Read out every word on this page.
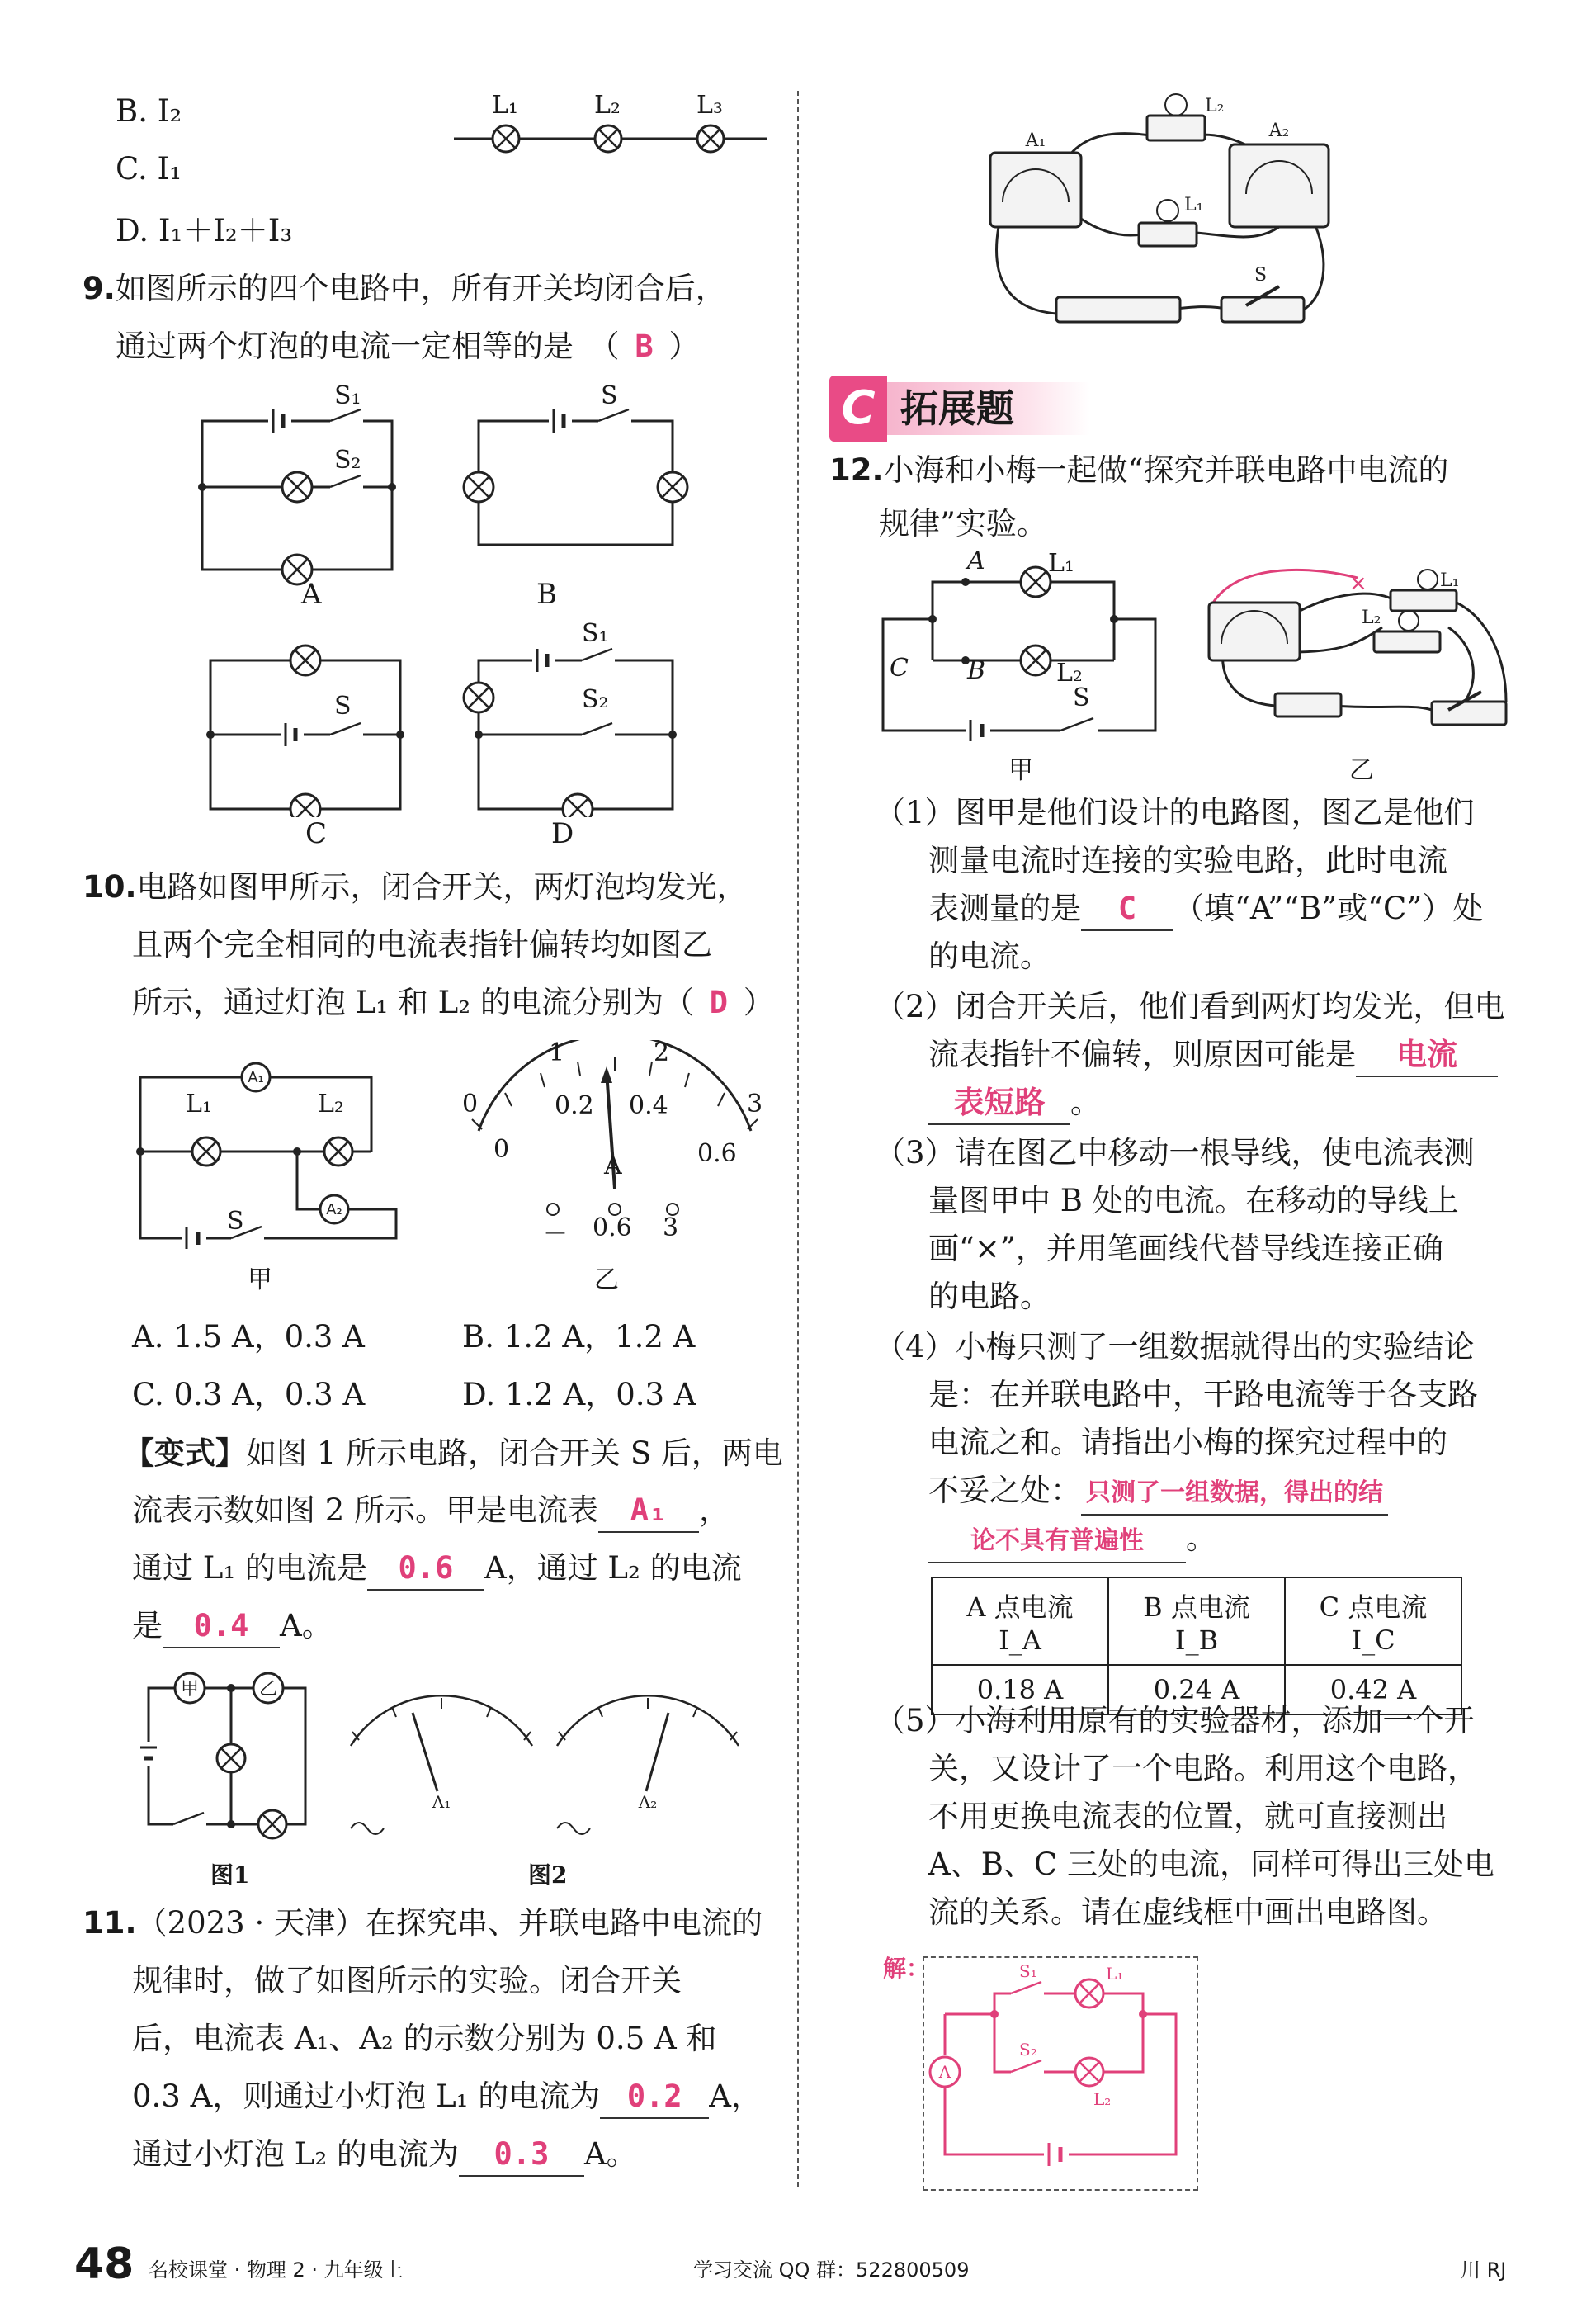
B. I₂
C. I₁
D. I₁＋I₂＋I₃
L₁	L₂	L₃
9.如图所示的四个电路中，所有开关均闭合后，
通过两个灯泡的电流一定相等的是　（ B ）
S₁
S₂
S
S
S₁
S₂
A	B
C	D
10.电路如图甲所示，闭合开关，两灯泡均发光，
且两个完全相同的电流表指针偏转均如图乙
所示，通过灯泡 L₁ 和 L₂ 的电流分别为（ D ）
A₁
A₂
L₁	L₂
S
甲
0
1	2
3
0
0.2 0.4
0.6
A
－ 0.6 3
乙
A. 1.5 A，0.3 A	B. 1.2 A，1.2 A
C. 0.3 A，0.3 A	D. 1.2 A，0.3 A
【变式】如图 1 所示电路，闭合开关 S 后，两电
流表示数如图 2 所示。甲是电流表 A₁ ，
通过 L₁ 的电流是 0.6 A，通过 L₂ 的电流
是 0.4 A。
甲	乙
图1
A₁	A₂
图2
11.（2023 · 天津）在探究串、并联电路中电流的
规律时，做了如图所示的实验。闭合开关
后，电流表 A₁、A₂ 的示数分别为 0.5 A 和
0.3 A，则通过小灯泡 L₁ 的电流为 0.2 A，
通过小灯泡 L₂ 的电流为 0.3 A。
A₁	A₂
L₂
L₁
S
C 拓展题
12.小海和小梅一起做“探究并联电路中电流的
规律”实验。
A	L₁
C B	L₂
S
甲
×	L₁
L₂
乙
（1）图甲是他们设计的电路图，图乙是他们
测量电流时连接的实验电路，此时电流
表测量的是 C （填“A”“B”或“C”）处
的电流。
（2）闭合开关后，他们看到两灯均发光，但电
流表指针不偏转，则原因可能是 电流
表短路 。
（3）请在图乙中移动一根导线，使电流表测
量图甲中 B 处的电流。在移动的导线上
画“×”，并用笔画线代替导线连接正确
的电路。
（4）小梅只测了一组数据就得出的实验结论
是：在并联电路中，干路电流等于各支路
电流之和。请指出小梅的探究过程中的
不妥之处： 只测了一组数据，得出的结
论不具有普遍性 。
A 点电流 I_A	B 点电流 I_B	C 点电流 I_C
0.18 A	0.24 A	0.42 A
（5）小海利用原有的实验器材，添加一个开
关，又设计了一个电路。利用这个电路，
不用更换电流表的位置，就可直接测出
A、B、C 三处的电流，同样可得出三处电
流的关系。请在虚线框中画出电路图。
解：
A
S₁
S₂
L₁
L₂
48 名校课堂 · 物理 2 · 九年级上	学习交流 QQ 群：522800509	川 RJ
